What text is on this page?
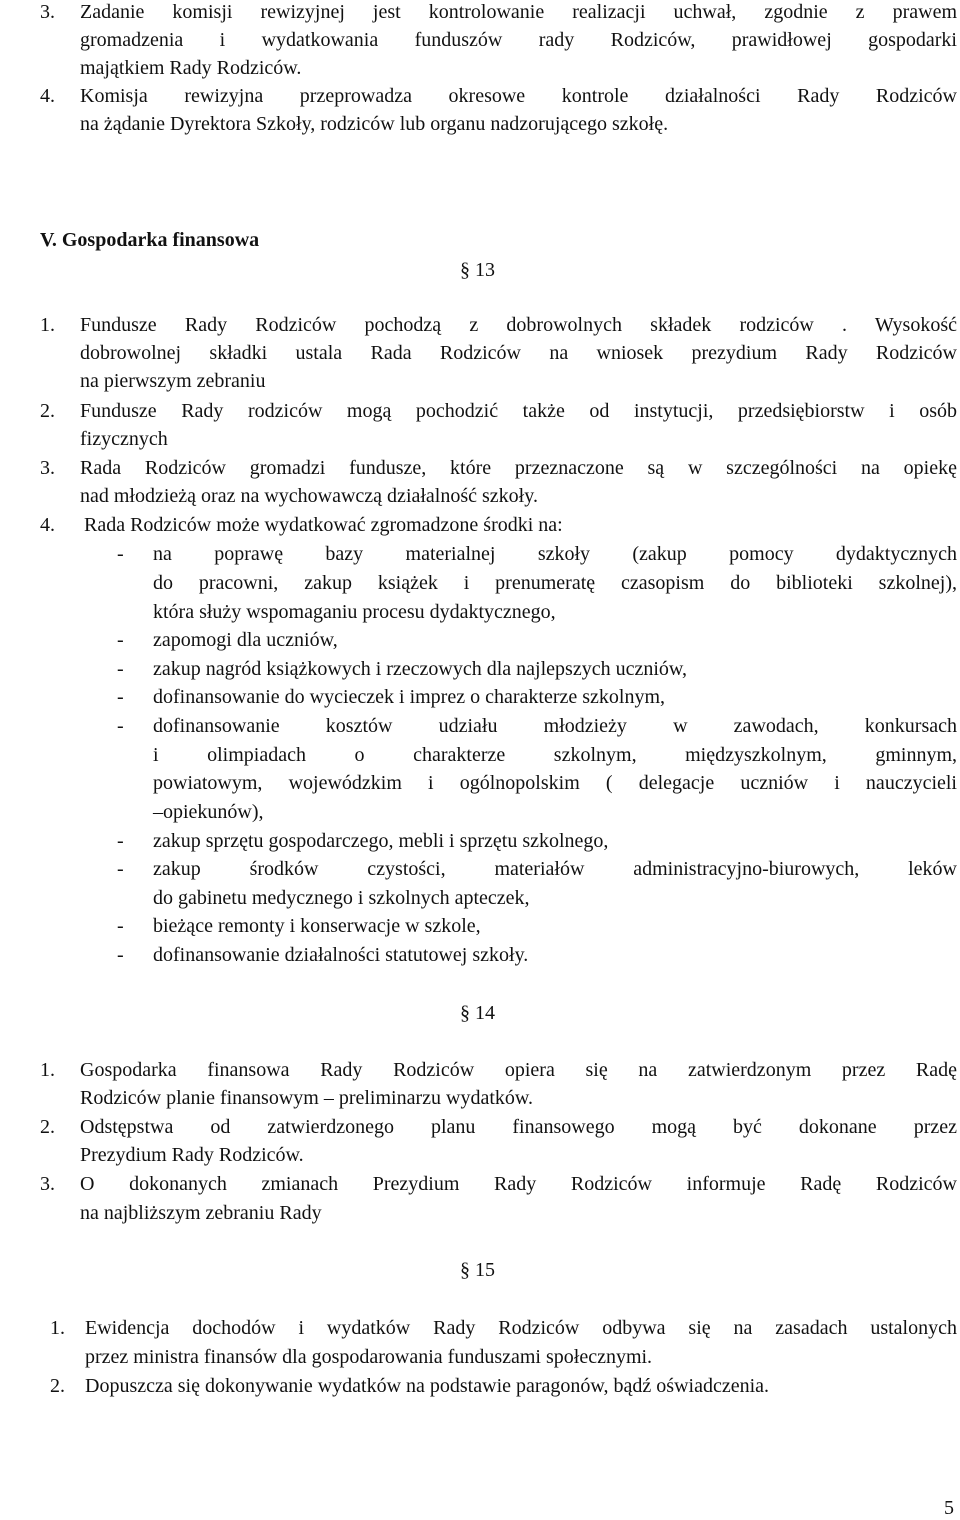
3. Zadanie komisji rewizyjnej jest kontrolowanie realizacji uchwał, zgodnie z prawem
gromadzenia i wydatkowania funduszów rady Rodziców, prawidłowej gospodarki
majątkiem Rady Rodziców.
4. Komisja rewizyjna przeprowadza okresowe kontrole działalności Rady Rodziców
na żądanie Dyrektora Szkoły, rodziców lub organu nadzorującego szkołę.
V. Gospodarka finansowa
§ 13
1. Fundusze Rady Rodziców pochodzą z dobrowolnych składek rodziców . Wysokość
dobrowolnej składki ustala Rada Rodziców na wniosek prezydium Rady Rodziców
na pierwszym zebraniu
2. Fundusze Rady rodziców mogą pochodzić także od instytucji, przedsiębiorstw i osób
fizycznych
3. Rada Rodziców gromadzi fundusze, które przeznaczone są w szczególności na opiekę
nad młodzieżą oraz na wychowawczą działalność szkoły.
4. Rada Rodziców może wydatkować zgromadzone środki na:
- na poprawę bazy materialnej szkoły (zakup pomocy dydaktycznych
do pracowni, zakup książek i prenumeratę czasopism do biblioteki szkolnej),
która służy wspomaganiu procesu dydaktycznego,
- zapomogi dla uczniów,
- zakup nagród książkowych i rzeczowych dla najlepszych uczniów,
- dofinansowanie do wycieczek i imprez o charakterze szkolnym,
- dofinansowanie kosztów udziału młodzieży w zawodach, konkursach
i olimpiadach o charakterze szkolnym, międzyszkolnym, gminnym,
powiatowym, wojewódzkim i ogólnopolskim ( delegacje uczniów i nauczycieli
–opiekunów),
- zakup sprzętu gospodarczego, mebli i sprzętu szkolnego,
- zakup środków czystości, materiałów administracyjno-biurowych, leków
do gabinetu medycznego i szkolnych apteczek,
- bieżące remonty i konserwacje w szkole,
- dofinansowanie działalności statutowej szkoły.
§ 14
1. Gospodarka finansowa Rady Rodziców opiera się na zatwierdzonym przez Radę
Rodziców planie finansowym – preliminarzu wydatków.
2. Odstępstwa od zatwierdzonego planu finansowego mogą być dokonane przez
Prezydium Rady Rodziców.
3. O dokonanych zmianach Prezydium Rady Rodziców informuje Radę Rodziców
na najbliższym zebraniu Rady
§ 15
1. Ewidencja dochodów i wydatków Rady Rodziców odbywa się na zasadach ustalonych
przez ministra finansów dla gospodarowania funduszami społecznymi.
2. Dopuszcza się dokonywanie wydatków na podstawie paragonów, bądź oświadczenia.
5
